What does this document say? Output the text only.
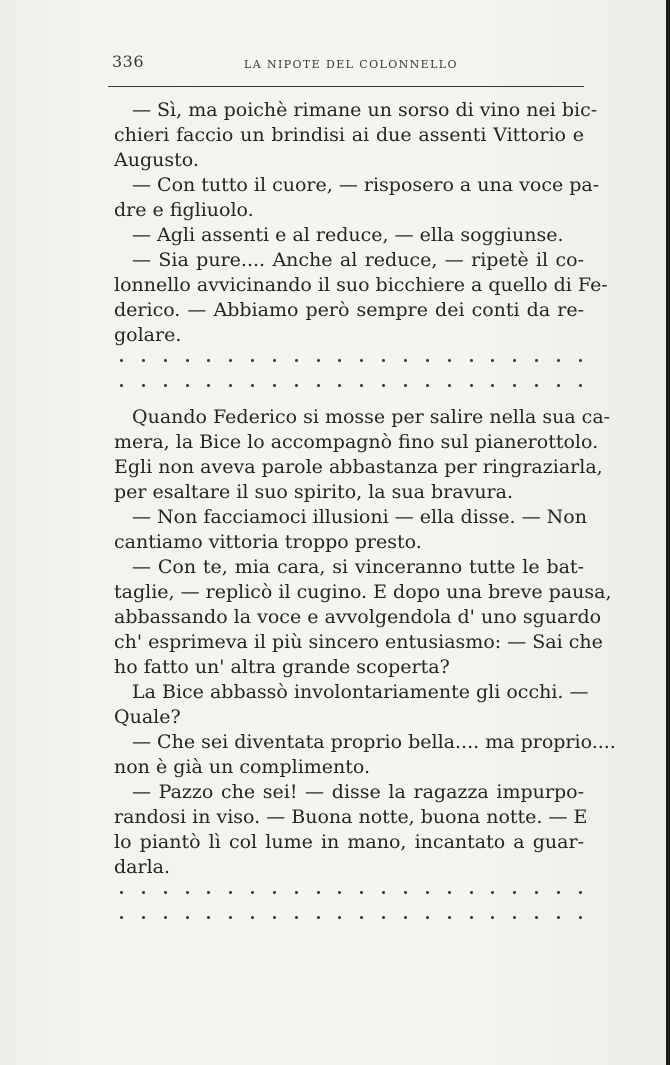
336	LA NIPOTE DEL COLONNELLO
— Sì, ma poichè rimane un sorso di vino nei bic-
chieri faccio un brindisi ai due assenti Vittorio e
Augusto.
— Con tutto il cuore, — risposero a una voce pa-
dre e figliuolo.
— Agli assenti e al reduce, — ella soggiunse.
— Sia pure.... Anche al reduce, — ripetè il co-
lonnello avvicinando il suo bicchiere a quello di Fe-
derico. — Abbiamo però sempre dei conti da re-
golare.
Quando Federico si mosse per salire nella sua ca-
mera, la Bice lo accompagnò fino sul pianerottolo.
Egli non aveva parole abbastanza per ringraziarla,
per esaltare il suo spirito, la sua bravura.
— Non facciamoci illusioni — ella disse. — Non
cantiamo vittoria troppo presto.
— Con te, mia cara, si vinceranno tutte le bat-
taglie, — replicò il cugino. E dopo una breve pausa,
abbassando la voce e avvolgendola d' uno sguardo
ch' esprimeva il più sincero entusiasmo: — Sai che
ho fatto un' altra grande scoperta?
La Bice abbassò involontariamente gli occhi. —
Quale?
— Che sei diventata proprio bella.... ma proprio....
non è già un complimento.
— Pazzo che sei! — disse la ragazza impurpo-
randosi in viso. — Buona notte, buona notte. — E
lo piantò lì col lume in mano, incantato a guar-
darla.
